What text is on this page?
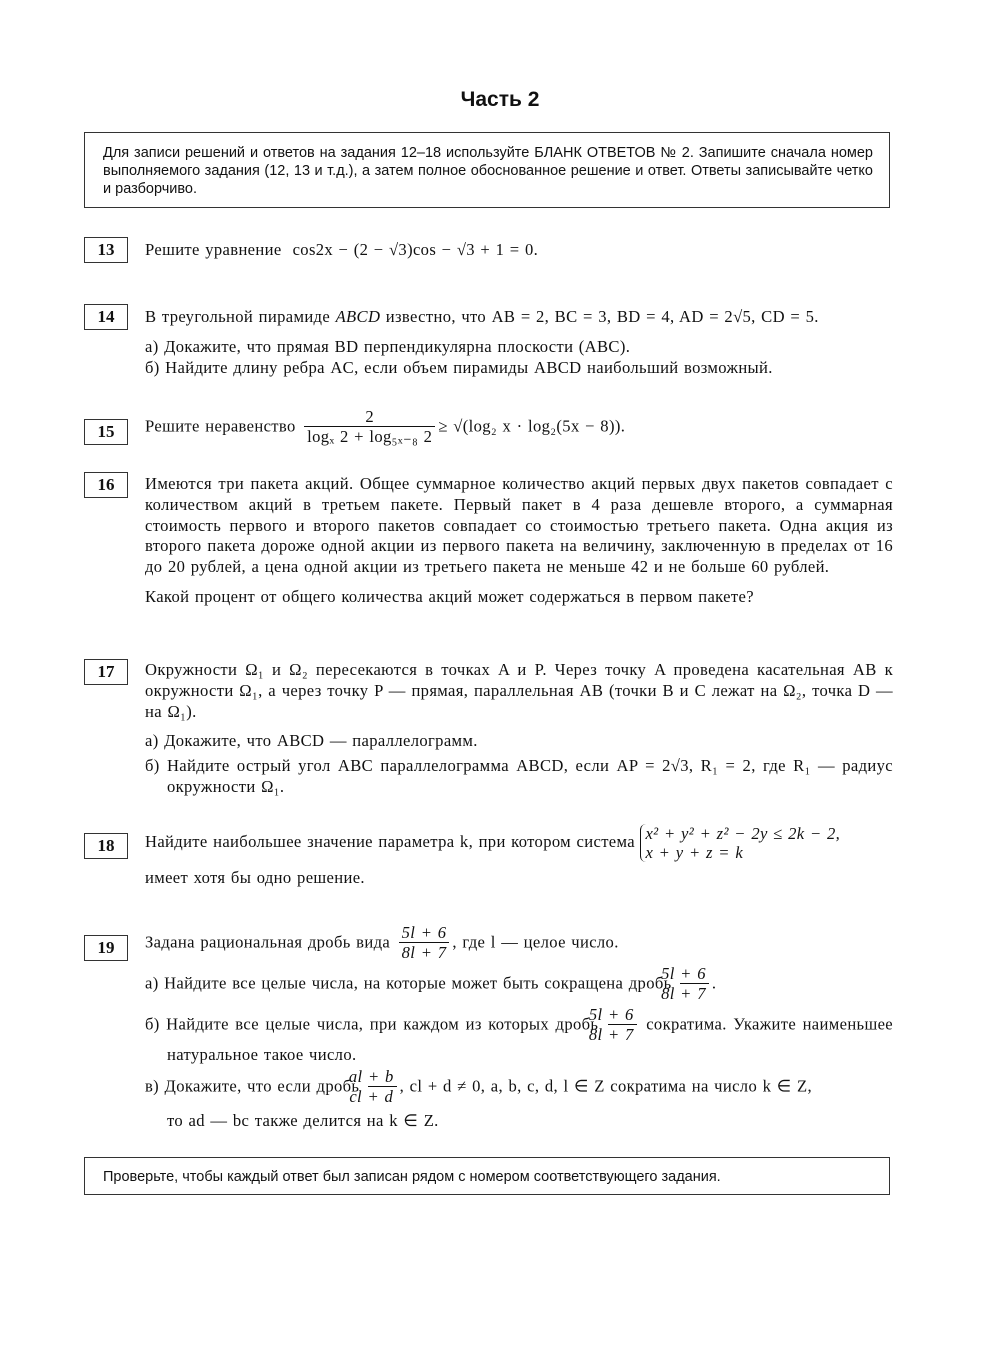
Часть 2
Для записи решений и ответов на задания 12–18 используйте БЛАНК ОТВЕТОВ № 2. Запишите сначала номер выполняемого задания (12, 13 и т.д.), а затем полное обоснованное решение и ответ. Ответы записывайте четко и разборчиво.
13	Решите уравнение cos2x − (2 − √3)cos − √3 + 1 = 0.

14	В треугольной пирамиде ABCD известно, что AB = 2, BC = 3, BD = 4, AD = 2√5, CD = 5.

а) Докажите, что прямая BD перпендикулярна плоскости (ABC).

б) Найдите длину ребра AC, если объем пирамиды ABCD наибольший возможный.

15	Решите неравенство $\frac{2}{\text{logₓ 2 + log₅ₓ₋₈ 2}} \ge √(\log_2$ x · log₂(5x − 8)).

16	Имеются три пакета акций. Общее суммарное количество акций первых двух пакетов совпадает с количеством акций в третьем пакете. Первый пакет в 4 раза дешевле второго, а суммарная стоимость первого и второго пакетов совпадает со стоимостью третьего пакета. Одна акция из второго пакета дороже одной акции из первого пакета на величину, заключенную в пределах от 16 до 20 рублей, а цена одной акции из третьего пакета не меньше 42 и не больше 60 рублей.

Какой процент от общего количества акций может содержаться в первом пакете?

17	Окружности Ω₁ и Ω₂ пересекаются в точках A и P. Через точку A проведена касательная AB к окружности Ω₁, а через точку P — прямая, параллельная AB (точки B и C лежат на Ω₂, точка D — на Ω₁).

а) Докажите, что ABCD — параллелограмм.

б) Найдите острый угол ABC параллелограмма ABCD, если AP = 2√3, R₁ = 2, где R₁ — радиус окружности Ω₁.

18	Найдите наибольшее значение параметра k, при котором система x² + y² + z² − 2y ≤ 2k − 2,
x + y + z = k

имеет хотя бы одно решение.

19	Задана рациональная дробь вида $\frac{5l + 6}{8l + 7}$ , где l — целое число.

а) Найдите все целые числа, на которые может быть сокращена дробь $\frac{5l + 6}{8l + 7}$ .

б) Найдите все целые числа, при каждом из которых дробь $\frac{5l + 6}{8l + 7}$ сократима. Укажите наименьшее натуральное такое число.

в) Докажите, что если дробь $\frac{al + b}{cl + d}$ , cl + d ≠ 0, a, b, c, d, l ∈ Z сократима на число k ∈ Z,

то ad — bc также делится на k ∈ Z.

Проверьте, чтобы каждый ответ был записан рядом с номером соответствующего задания.
